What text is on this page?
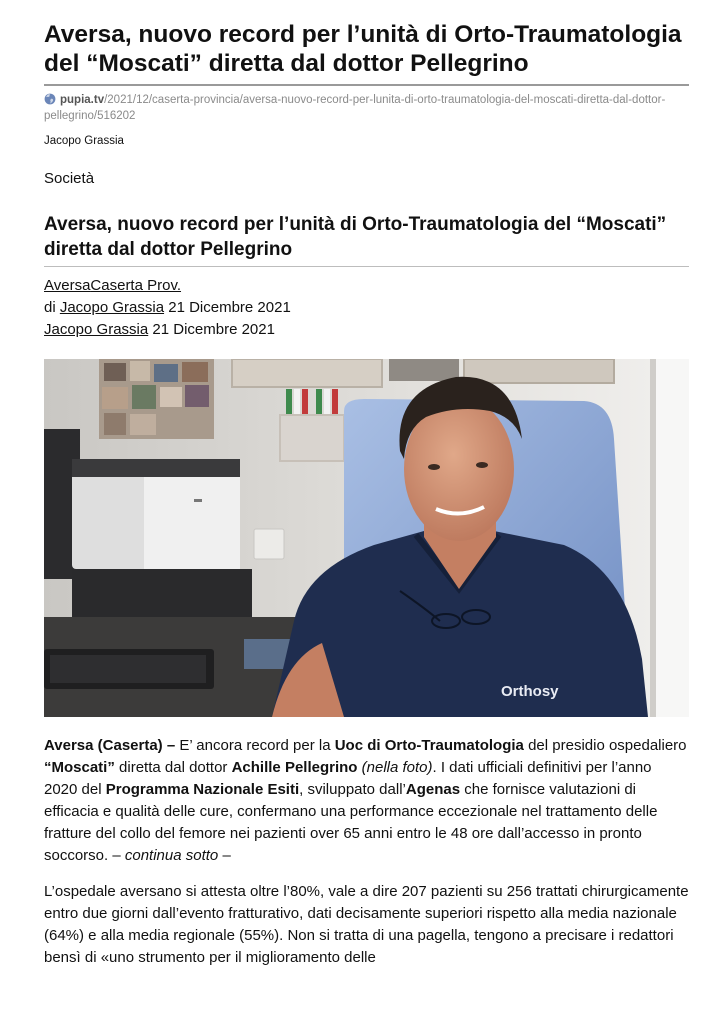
Aversa, nuovo record per l’unità di Orto-Traumatologia del “Moscati” diretta dal dottor Pellegrino
pupia.tv/2021/12/caserta-provincia/aversa-nuovo-record-per-lunita-di-orto-traumatologia-del-moscati-diretta-dal-dottor-pellegrino/516202
Jacopo Grassia
Società
Aversa, nuovo record per l’unità di Orto-Traumatologia del “Moscati” diretta dal dottor Pellegrino
AversaCaserta Prov.
di Jacopo Grassia 21 Dicembre 2021
Jacopo Grassia 21 Dicembre 2021
Orthosy

Aversa (Caserta) – E’ ancora record per la Uoc di Orto-Traumatologia del presidio ospedaliero “Moscati” diretta dal dottor Achille Pellegrino (nella foto). I dati ufficiali definitivi per l’anno 2020 del Programma Nazionale Esiti, sviluppato dall’Agenas che fornisce valutazioni di efficacia e qualità delle cure, confermano una performance eccezionale nel trattamento delle fratture del collo del femore nei pazienti over 65 anni entro le 48 ore dall’accesso in pronto soccorso. – continua sotto –

L’ospedale aversano si attesta oltre l’80%, vale a dire 207 pazienti su 256 trattati chirurgicamente entro due giorni dall’evento fratturativo, dati decisamente superiori rispetto alla media nazionale (64%) e alla media regionale (55%). Non si tratta di una pagella, tengono a precisare i redattori bensì di «uno strumento per il miglioramento delle
